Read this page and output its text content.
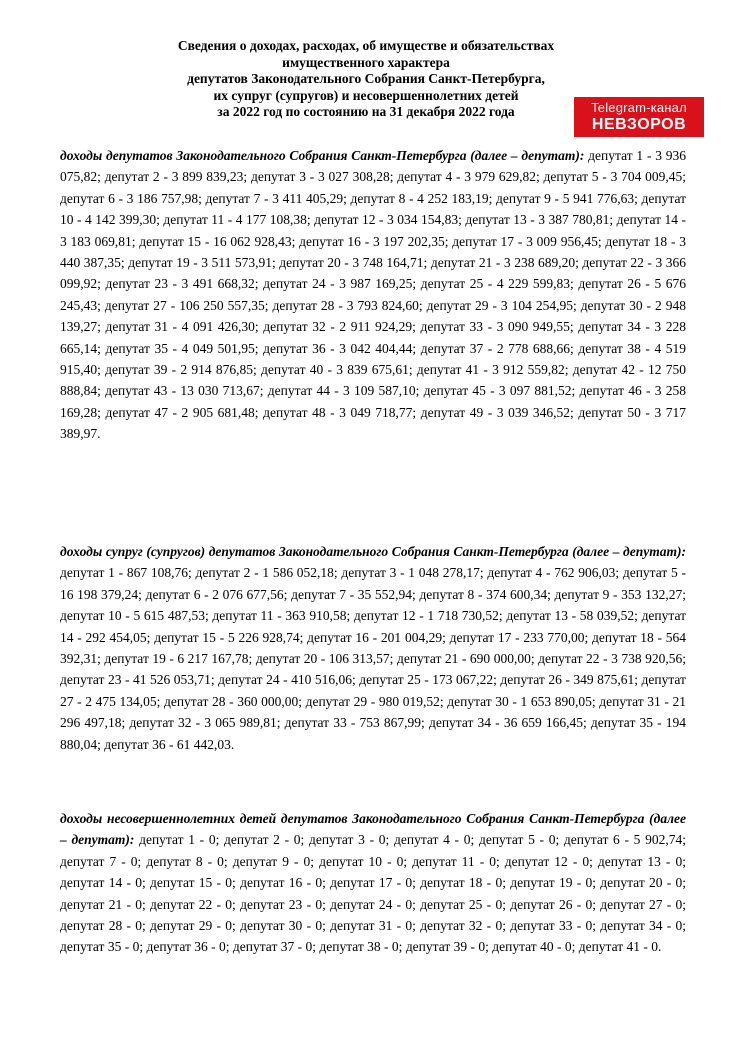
Сведения о доходах, расходах, об имуществе и обязательствах
имущественного характера
депутатов Законодательного Собрания Санкт-Петербурга,
их супруг (супругов) и несовершеннолетних детей
за 2022 год по состоянию на 31 декабря 2022 года	Telegram-канал
НЕВЗОРОВ
доходы депутатов Законодательного Собрания Санкт-Петербурга (далее – депутат): депутат 1 - 3 936 075,82; депутат 2 - 3 899 839,23; депутат 3 - 3 027 308,28; депутат 4 - 3 979 629,82; депутат 5 - 3 704 009,45; депутат 6 - 3 186 757,98; депутат 7 - 3 411 405,29; депутат 8 - 4 252 183,19; депутат 9 - 5 941 776,63; депутат 10 - 4 142 399,30; депутат 11 - 4 177 108,38; депутат 12 - 3 034 154,83; депутат 13 - 3 387 780,81; депутат 14 - 3 183 069,81; депутат 15 - 16 062 928,43; депутат 16 - 3 197 202,35; депутат 17 - 3 009 956,45; депутат 18 - 3 440 387,35; депутат 19 - 3 511 573,91; депутат 20 - 3 748 164,71; депутат 21 - 3 238 689,20; депутат 22 - 3 366 099,92; депутат 23 - 3 491 668,32; депутат 24 - 3 987 169,25; депутат 25 - 4 229 599,83; депутат 26 - 5 676 245,43; депутат 27 - 106 250 557,35; депутат 28 - 3 793 824,60; депутат 29 - 3 104 254,95; депутат 30 - 2 948 139,27; депутат 31 - 4 091 426,30; депутат 32 - 2 911 924,29; депутат 33 - 3 090 949,55; депутат 34 - 3 228 665,14; депутат 35 - 4 049 501,95; депутат 36 - 3 042 404,44; депутат 37 - 2 778 688,66; депутат 38 - 4 519 915,40; депутат 39 - 2 914 876,85; депутат 40 - 3 839 675,61; депутат 41 - 3 912 559,82; депутат 42 - 12 750 888,84; депутат 43 - 13 030 713,67; депутат 44 - 3 109 587,10; депутат 45 - 3 097 881,52; депутат 46 - 3 258 169,28; депутат 47 - 2 905 681,48; депутат 48 - 3 049 718,77; депутат 49 - 3 039 346,52; депутат 50 - 3 717 389,97.
доходы супруг (супругов) депутатов Законодательного Собрания Санкт-Петербурга (далее – депутат): депутат 1 - 867 108,76; депутат 2 - 1 586 052,18; депутат 3 - 1 048 278,17; депутат 4 - 762 906,03; депутат 5 - 16 198 379,24; депутат 6 - 2 076 677,56; депутат 7 - 35 552,94; депутат 8 - 374 600,34; депутат 9 - 353 132,27; депутат 10 - 5 615 487,53; депутат 11 - 363 910,58; депутат 12 - 1 718 730,52; депутат 13 - 58 039,52; депутат 14 - 292 454,05; депутат 15 - 5 226 928,74; депутат 16 - 201 004,29; депутат 17 - 233 770,00; депутат 18 - 564 392,31; депутат 19 - 6 217 167,78; депутат 20 - 106 313,57; депутат 21 - 690 000,00; депутат 22 - 3 738 920,56; депутат 23 - 41 526 053,71; депутат 24 - 410 516,06; депутат 25 - 173 067,22; депутат 26 - 349 875,61; депутат 27 - 2 475 134,05; депутат 28 - 360 000,00; депутат 29 - 980 019,52; депутат 30 - 1 653 890,05; депутат 31 - 21 296 497,18; депутат 32 - 3 065 989,81; депутат 33 - 753 867,99; депутат 34 - 36 659 166,45; депутат 35 - 194 880,04; депутат 36 - 61 442,03.
доходы несовершеннолетних детей депутатов Законодательного Собрания Санкт-Петербурга (далее – депутат): депутат 1 - 0; депутат 2 - 0; депутат 3 - 0; депутат 4 - 0; депутат 5 - 0; депутат 6 - 5 902,74; депутат 7 - 0; депутат 8 - 0; депутат 9 - 0; депутат 10 - 0; депутат 11 - 0; депутат 12 - 0; депутат 13 - 0; депутат 14 - 0; депутат 15 - 0; депутат 16 - 0; депутат 17 - 0; депутат 18 - 0; депутат 19 - 0; депутат 20 - 0; депутат 21 - 0; депутат 22 - 0; депутат 23 - 0; депутат 24 - 0; депутат 25 - 0; депутат 26 - 0; депутат 27 - 0; депутат 28 - 0; депутат 29 - 0; депутат 30 - 0; депутат 31 - 0; депутат 32 - 0; депутат 33 - 0; депутат 34 - 0; депутат 35 - 0; депутат 36 - 0; депутат 37 - 0; депутат 38 - 0; депутат 39 - 0; депутат 40 - 0; депутат 41 - 0.
